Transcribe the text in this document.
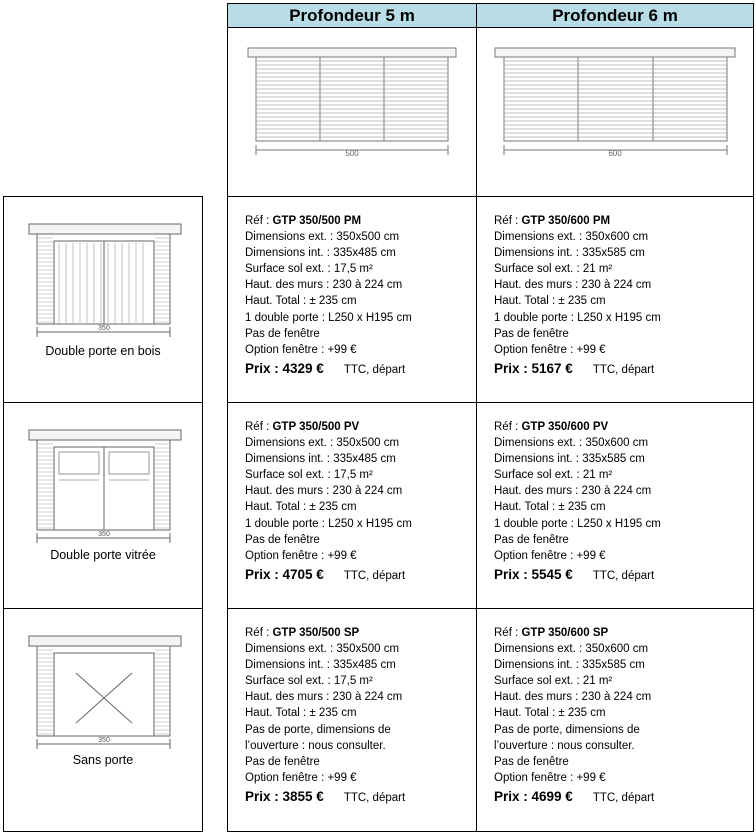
Profondeur 5 m	Profondeur 6 m
500	600
350
Double porte en bois
Réf : GTP 350/500 PM
Dimensions ext. : 350x500 cm
Dimensions int. : 335x485 cm
Surface sol ext. : 17,5 m²
Haut. des murs : 230 à 224 cm
Haut. Total : ± 235 cm
1 double porte : L250 x H195 cm
Pas de fenêtre
Option fenêtre : +99 €
Prix : 4329 € TTC, départ
Réf : GTP 350/600 PM
Dimensions ext. : 350x600 cm
Dimensions int. : 335x585 cm
Surface sol ext. : 21 m²
Haut. des murs : 230 à 224 cm
Haut. Total : ± 235 cm
1 double porte : L250 x H195 cm
Pas de fenêtre
Option fenêtre : +99 €
Prix : 5167 € TTC, départ
350
Double porte vitrée
Réf : GTP 350/500 PV
Dimensions ext. : 350x500 cm
Dimensions int. : 335x485 cm
Surface sol ext. : 17,5 m²
Haut. des murs : 230 à 224 cm
Haut. Total : ± 235 cm
1 double porte : L250 x H195 cm
Pas de fenêtre
Option fenêtre : +99 €
Prix : 4705 € TTC, départ
Réf : GTP 350/600 PV
Dimensions ext. : 350x600 cm
Dimensions int. : 335x585 cm
Surface sol ext. : 21 m²
Haut. des murs : 230 à 224 cm
Haut. Total : ± 235 cm
1 double porte : L250 x H195 cm
Pas de fenêtre
Option fenêtre : +99 €
Prix : 5545 € TTC, départ
350
Sans porte
Réf : GTP 350/500 SP
Dimensions ext. : 350x500 cm
Dimensions int. : 335x485 cm
Surface sol ext. : 17,5 m²
Haut. des murs : 230 à 224 cm
Haut. Total : ± 235 cm
Pas de porte, dimensions de
l’ouverture : nous consulter.
Pas de fenêtre
Option fenêtre : +99 €
Prix : 3855 € TTC, départ
Réf : GTP 350/600 SP
Dimensions ext. : 350x600 cm
Dimensions int. : 335x585 cm
Surface sol ext. : 21 m²
Haut. des murs : 230 à 224 cm
Haut. Total : ± 235 cm
Pas de porte, dimensions de
l’ouverture : nous consulter.
Pas de fenêtre
Option fenêtre : +99 €
Prix : 4699 € TTC, départ
